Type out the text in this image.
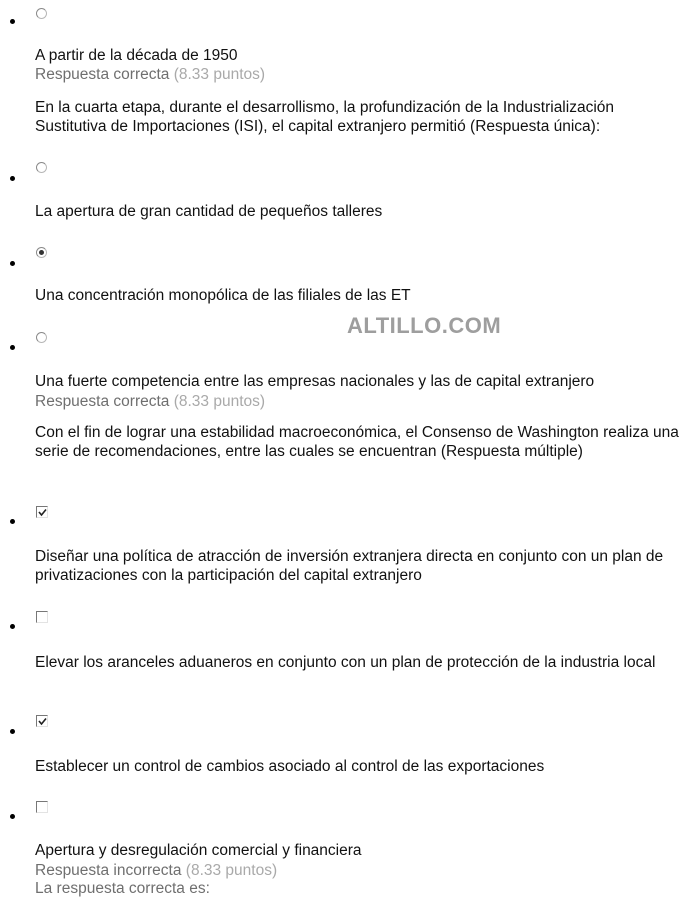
A partir de la década de 1950
Respuesta correcta (8.33 puntos)
En la cuarta etapa, durante el desarrollismo, la profundización de la Industrialización Sustitutiva de Importaciones (ISI), el capital extranjero permitió (Respuesta única):
La apertura de gran cantidad de pequeños talleres
Una concentración monopólica de las filiales de las ET
ALTILLO.COM
Una fuerte competencia entre las empresas nacionales y las de capital extranjero
Respuesta correcta (8.33 puntos)
Con el fin de lograr una estabilidad macroeconómica, el Consenso de Washington realiza una serie de recomendaciones, entre las cuales se encuentran (Respuesta múltiple)
Diseñar una política de atracción de inversión extranjera directa en conjunto con un plan de privatizaciones con la participación del capital extranjero
Elevar los aranceles aduaneros en conjunto con un plan de protección de la industria local
Establecer un control de cambios asociado al control de las exportaciones
Apertura y desregulación comercial y financiera
Respuesta incorrecta (8.33 puntos)
La respuesta correcta es:
